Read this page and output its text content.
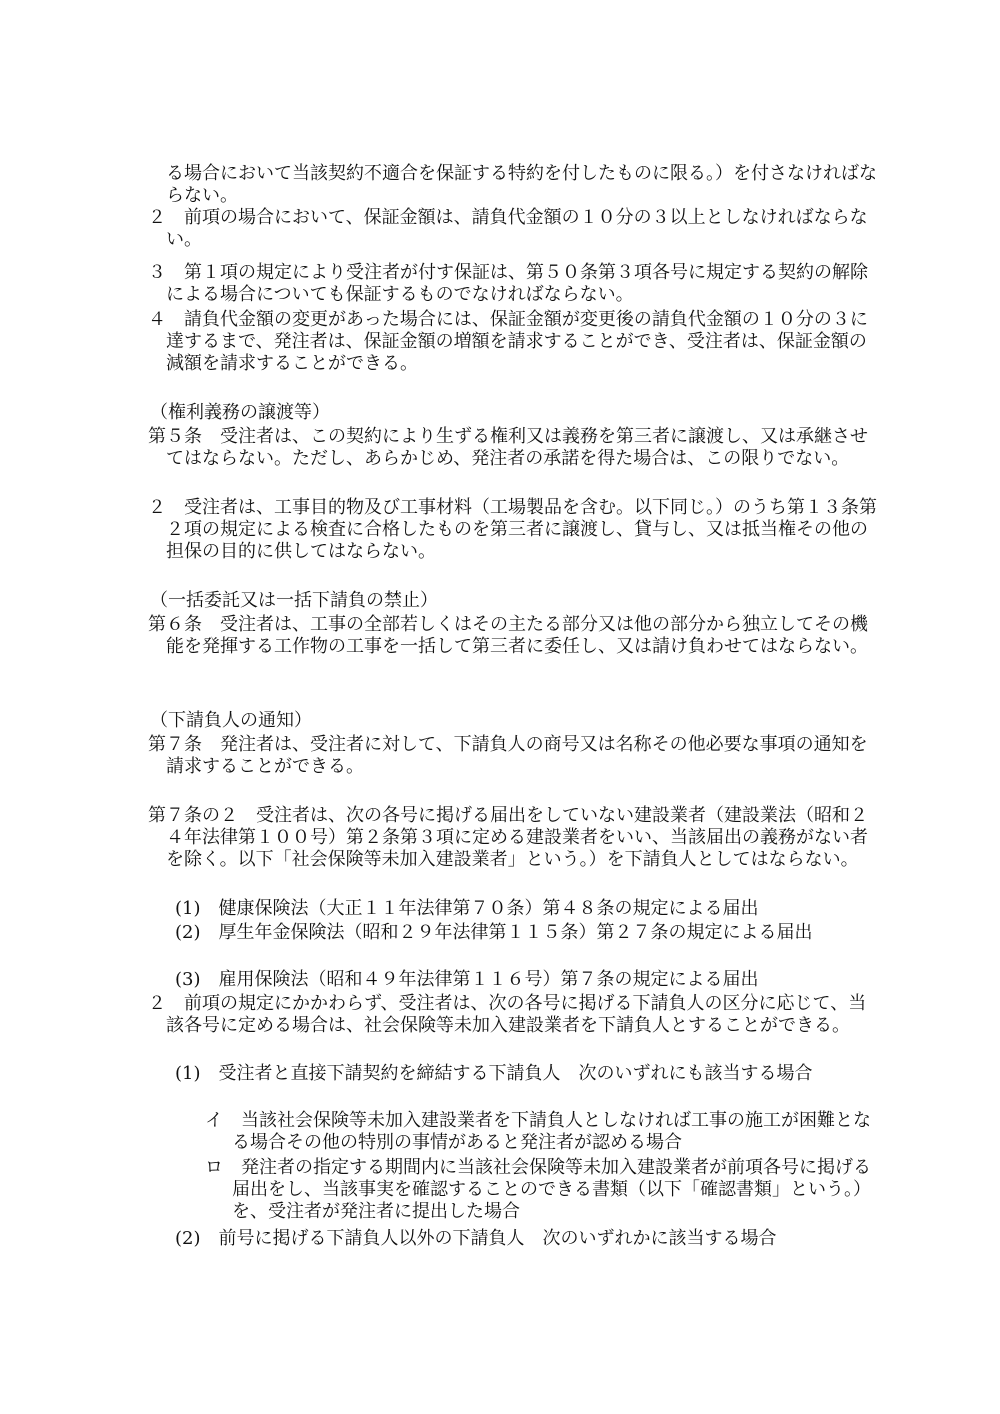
る場合において当該契約不適合を保証する特約を付したものに限る。）を付さなければならない。

２　前項の場合において、保証金額は、請負代金額の１０分の３以上としなければならない。

３　第１項の規定により受注者が付す保証は、第５０条第３項各号に規定する契約の解除による場合についても保証するものでなければならない。

４　請負代金額の変更があった場合には、保証金額が変更後の請負代金額の１０分の３に達するまで、発注者は、保証金額の増額を請求することができ、受注者は、保証金額の減額を請求することができる。

（権利義務の譲渡等）

第５条　受注者は、この契約により生ずる権利又は義務を第三者に譲渡し、又は承継させてはならない。ただし、あらかじめ、発注者の承諾を得た場合は、この限りでない。

２　受注者は、工事目的物及び工事材料（工場製品を含む。以下同じ。）のうち第１３条第２項の規定による検査に合格したものを第三者に譲渡し、貸与し、又は抵当権その他の担保の目的に供してはならない。

（一括委託又は一括下請負の禁止）

第６条　受注者は、工事の全部若しくはその主たる部分又は他の部分から独立してその機能を発揮する工作物の工事を一括して第三者に委任し、又は請け負わせてはならない。

（下請負人の通知）

第７条　発注者は、受注者に対して、下請負人の商号又は名称その他必要な事項の通知を請求することができる。

第７条の２　受注者は、次の各号に掲げる届出をしていない建設業者（建設業法（昭和２４年法律第１００号）第２条第３項に定める建設業者をいい、当該届出の義務がない者を除く。以下「社会保険等未加入建設業者」という。）を下請負人としてはならない。

(1)　健康保険法（大正１１年法律第７０条）第４８条の規定による届出

(2)　厚生年金保険法（昭和２９年法律第１１５条）第２７条の規定による届出

(3)　雇用保険法（昭和４９年法律第１１６号）第７条の規定による届出

２　前項の規定にかかわらず、受注者は、次の各号に掲げる下請負人の区分に応じて、当該各号に定める場合は、社会保険等未加入建設業者を下請負人とすることができる。

(1)　受注者と直接下請契約を締結する下請負人　次のいずれにも該当する場合

イ　当該社会保険等未加入建設業者を下請負人としなければ工事の施工が困難となる場合その他の特別の事情があると発注者が認める場合

ロ　発注者の指定する期間内に当該社会保険等未加入建設業者が前項各号に掲げる届出をし、当該事実を確認することのできる書類（以下「確認書類」という。）を、受注者が発注者に提出した場合

(2)　前号に掲げる下請負人以外の下請負人　次のいずれかに該当する場合
